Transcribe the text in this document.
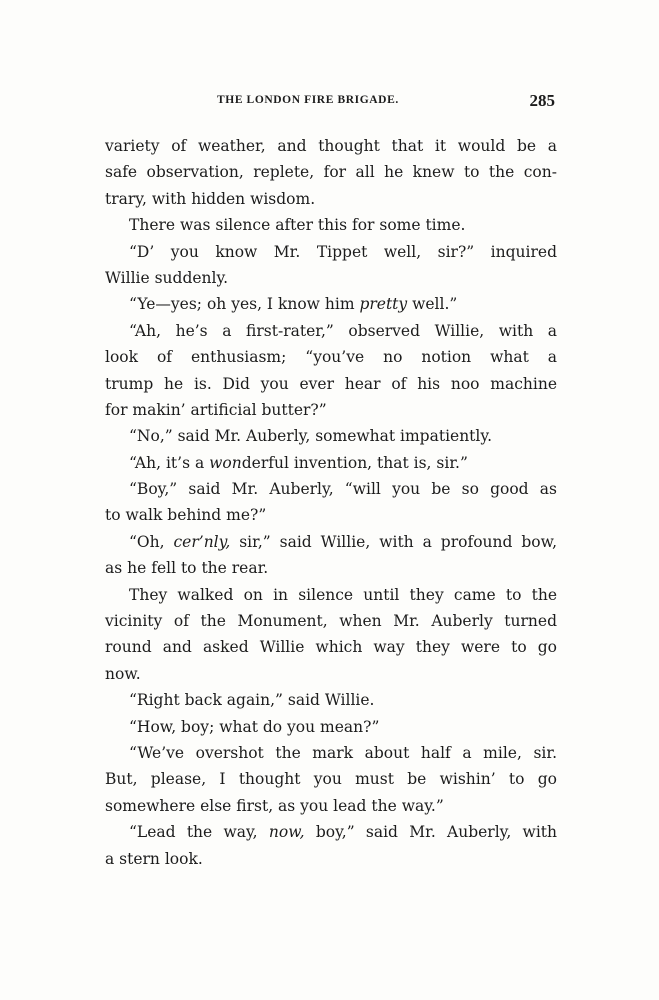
THE LONDON FIRE BRIGADE.	285
variety of weather, and thought that it would be a
safe observation, replete, for all he knew to the con-
trary, with hidden wisdom.
There was silence after this for some time.
“D’ you know Mr. Tippet well, sir?” inquired
Willie suddenly.
“Ye—yes; oh yes, I know him pretty well.”
“Ah, he’s a first-rater,” observed Willie, with a
look of enthusiasm; “you’ve no notion what a
trump he is. Did you ever hear of his noo machine
for makin’ artificial butter?”
“No,” said Mr. Auberly, somewhat impatiently.
“Ah, it’s a wonderful invention, that is, sir.”
“Boy,” said Mr. Auberly, “will you be so good as
to walk behind me?”
“Oh, cer’nly, sir,” said Willie, with a profound bow,
as he fell to the rear.
They walked on in silence until they came to the
vicinity of the Monument, when Mr. Auberly turned
round and asked Willie which way they were to go
now.
“Right back again,” said Willie.
“How, boy; what do you mean?”
“We’ve overshot the mark about half a mile, sir.
But, please, I thought you must be wishin’ to go
somewhere else first, as you lead the way.”
“Lead the way, now, boy,” said Mr. Auberly, with
a stern look.
